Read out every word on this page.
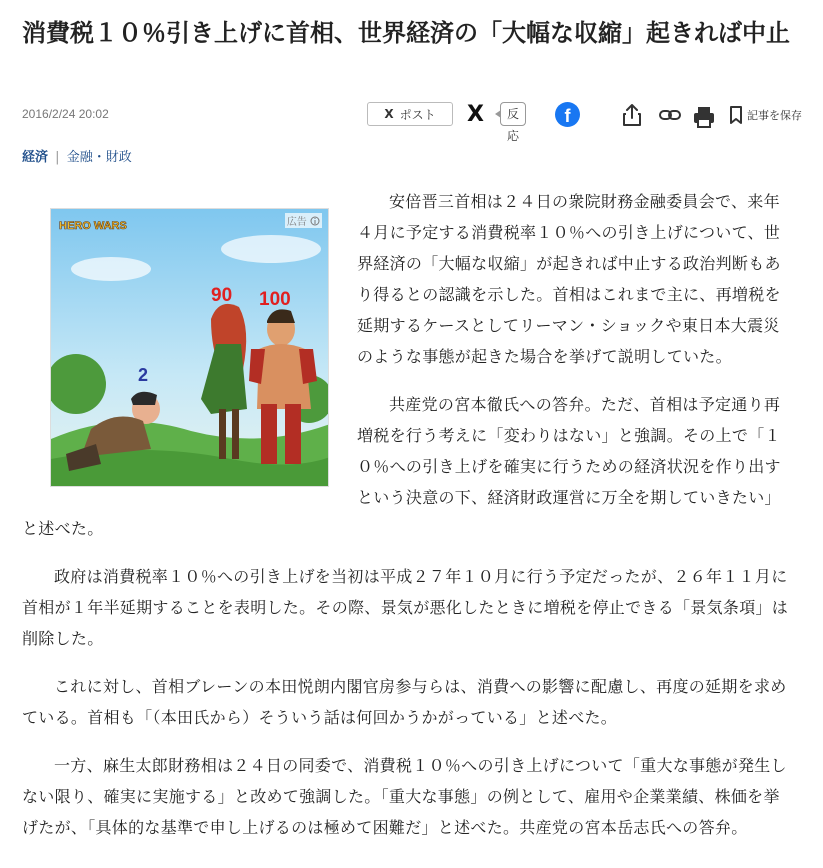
消費税１０％引き上げに首相、世界経済の「大幅な収縮」起きれば中止
2016/2/24 20:02	X ポスト X	反応
f	記事を保存
経済 | 金融・財政
HERO WARS
90 100
2
広告

安倍晋三首相は２４日の衆院財務金融委員会で、来年４月に予定する消費税率１０％への引き上げについて、世界経済の「大幅な収縮」が起きれば中止する政治判断もあり得るとの認識を示した。首相はこれまで主に、再増税を延期するケースとしてリーマン・ショックや東日本大震災のような事態が起きた場合を挙げて説明していた。

共産党の宮本徹氏への答弁。ただ、首相は予定通り再増税を行う考えに「変わりはない」と強調。その上で「１０％への引き上げを確実に行うための経済状況を作り出すという決意の下、経済財政運営に万全を期していきたい」と述べた。

政府は消費税率１０％への引き上げを当初は平成２７年１０月に行う予定だったが、２６年１１月に首相が１年半延期することを表明した。その際、景気が悪化したときに増税を停止できる「景気条項」は削除した。

これに対し、首相ブレーンの本田悦朗内閣官房参与らは、消費への影響に配慮し、再度の延期を求めている。首相も「（本田氏から）そういう話は何回かうかがっている」と述べた。

一方、麻生太郎財務相は２４日の同委で、消費税１０％への引き上げについて「重大な事態が発生しない限り、確実に実施する」と改めて強調した。「重大な事態」の例として、雇用や企業業績、株価を挙げたが、「具体的な基準で申し上げるのは極めて困難だ」と述べた。共産党の宮本岳志氏への答弁。
